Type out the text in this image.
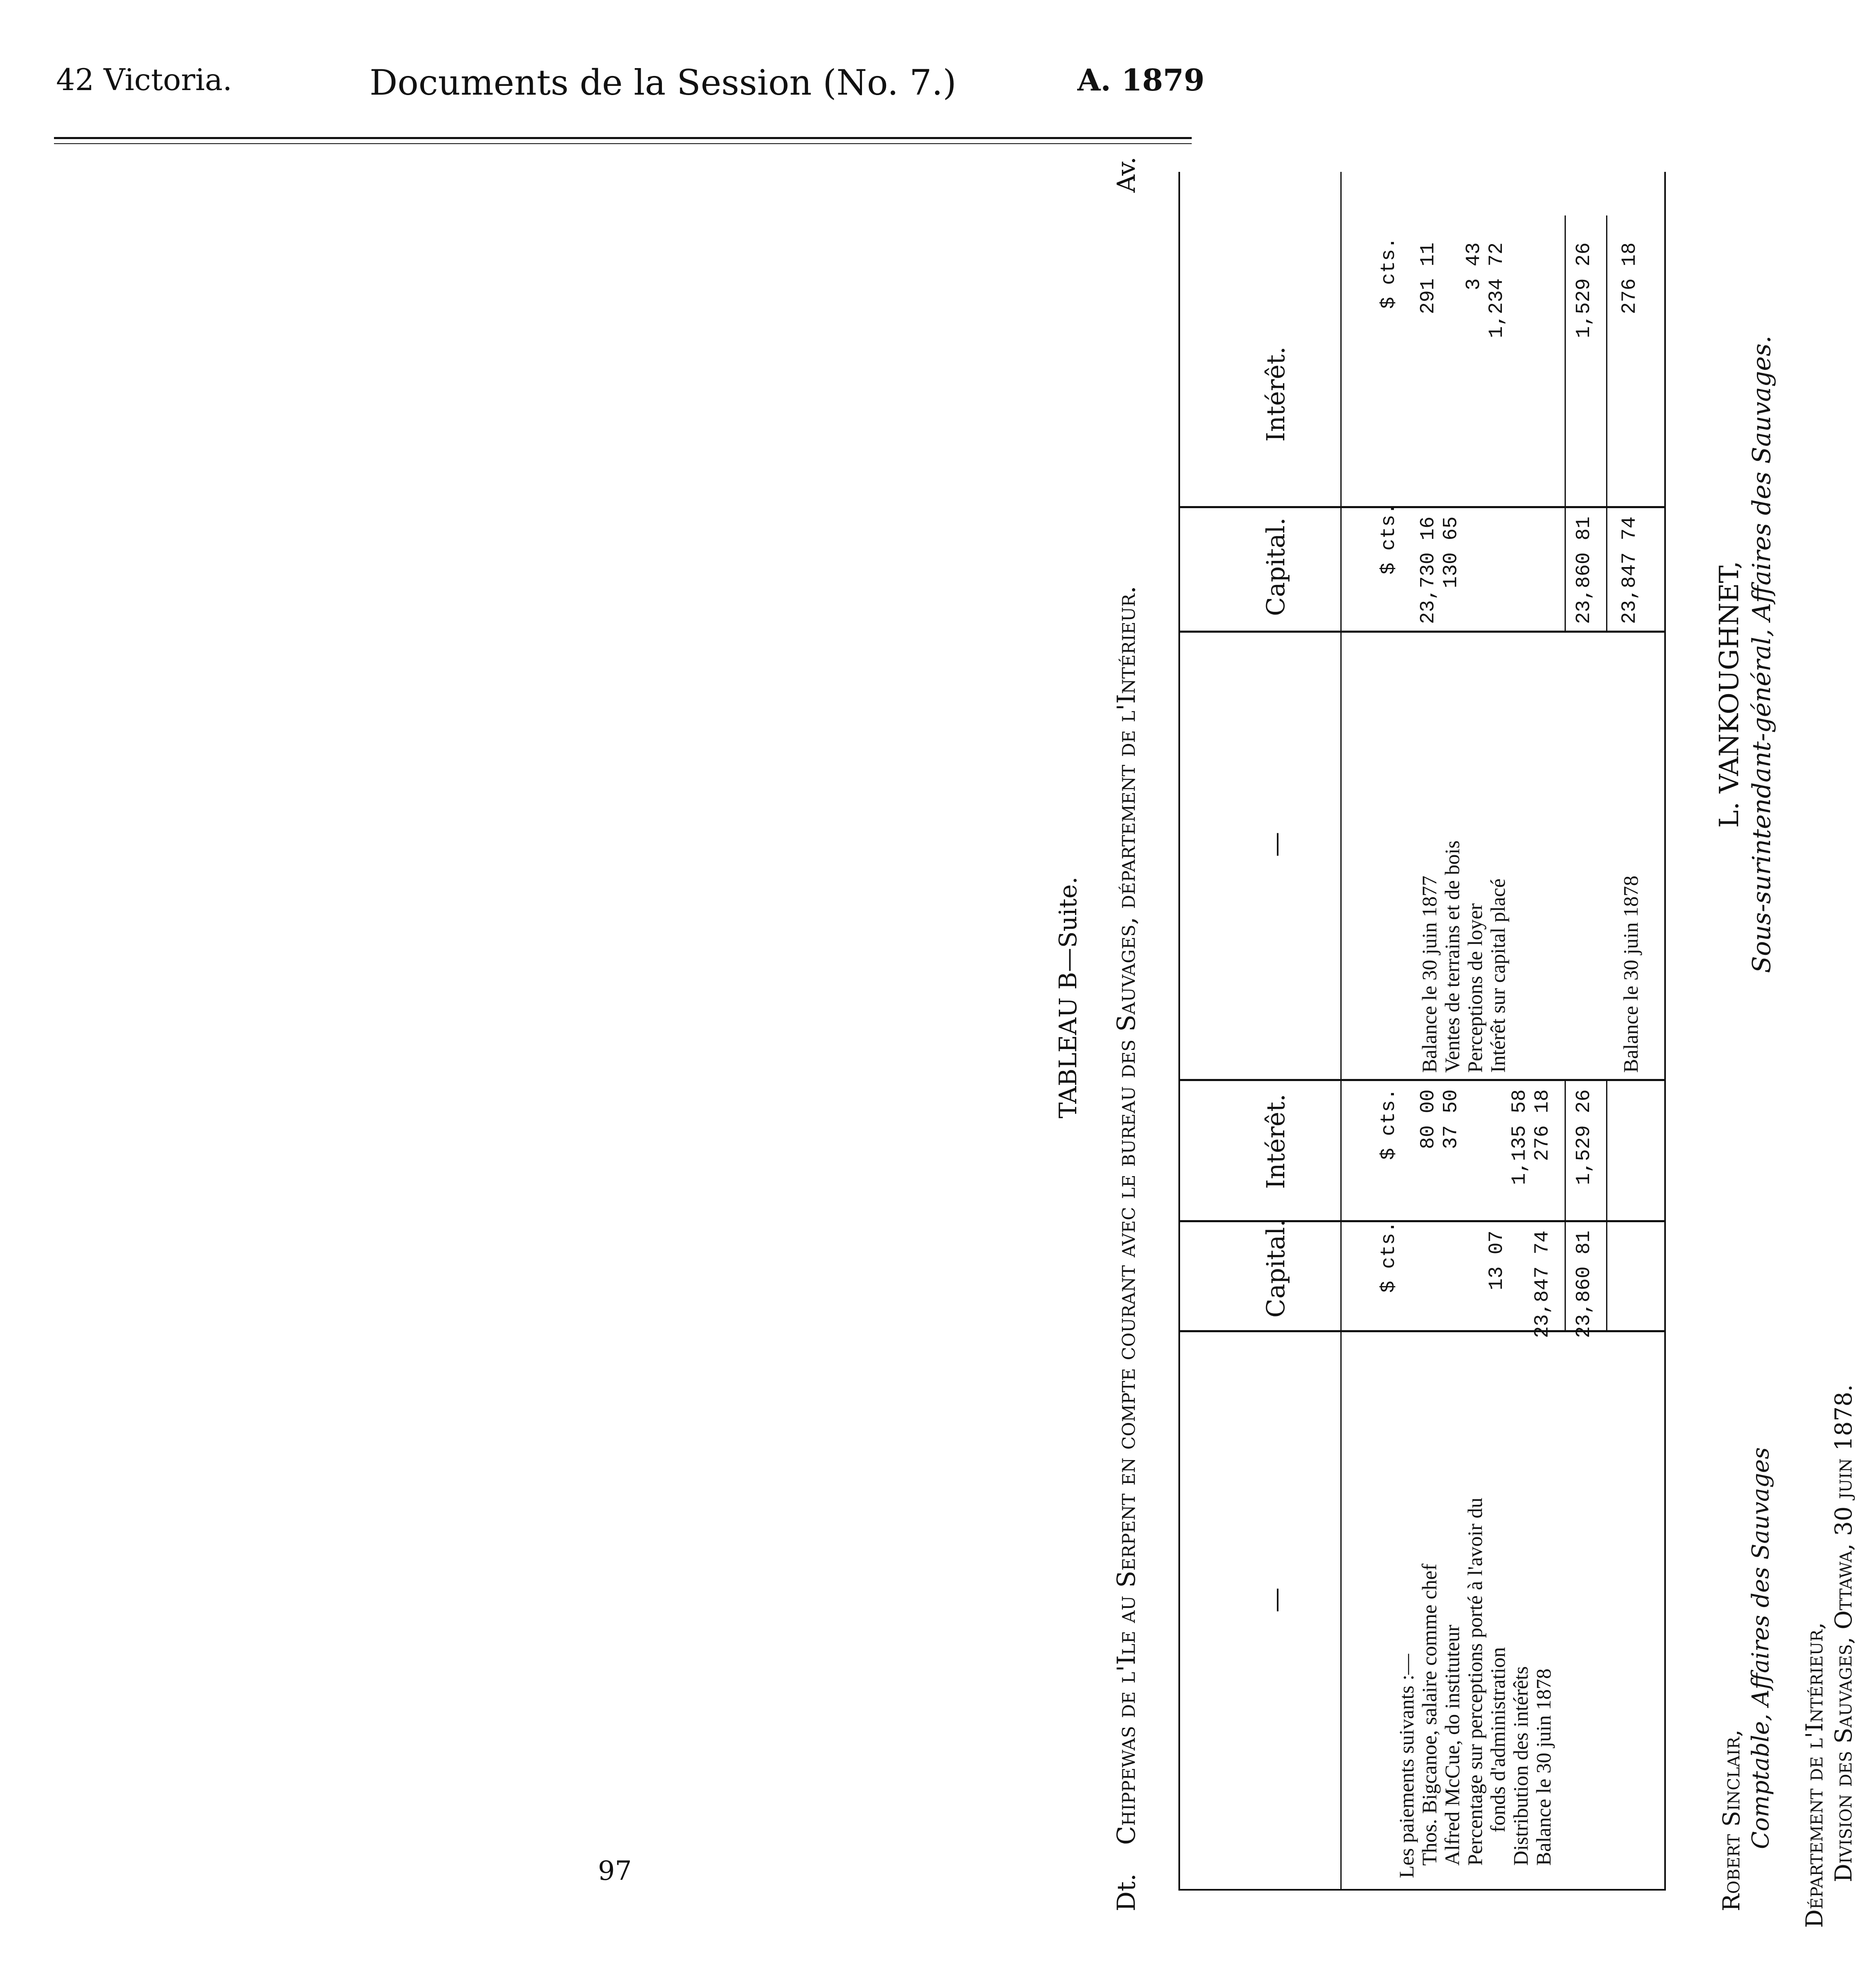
42 Victoria.	Documents de la Session (No. 7.)	A. 1879
TABLEAU B—Suite.
Dt.
Chippewas de l'Ile au Serpent en compte courant avec le bureau des Sauvages, département de l'Intérieur.
Av.
—
Capital.
Intérêt.
$ cts.
$ cts.
—
Capital.
Intérêt.
$ cts.
$ cts.
Les paiements suivants :— Thos. Bigcanoe, salaire comme chef
80 00
Alfred McCue, do instituteur
37 50
Percentage sur perceptions porté à l'avoir du fonds d'administration
13 07
Distribution des intérêts
1,135 58
Balance le 30 juin 1878
23,847 74
276 18
23,860 81
1,529 26
Balance le 30 juin 1877
23,730 16
291 11
Ventes de terrains et de bois
130 65
Perceptions de loyer
3 43
Intérêt sur capital placé
1,234 72
23,860 81
1,529 26
Balance le 30 juin 1878
23,847 74
276 18
L. VANKOUGHNET, Sous-surintendant-général, Affaires des Sauvages.
Robert Sinclair, Comptable, Affaires des Sauvages Département de l'Intérieur, Division des Sauvages, Ottawa, 30 juin 1878.
97
